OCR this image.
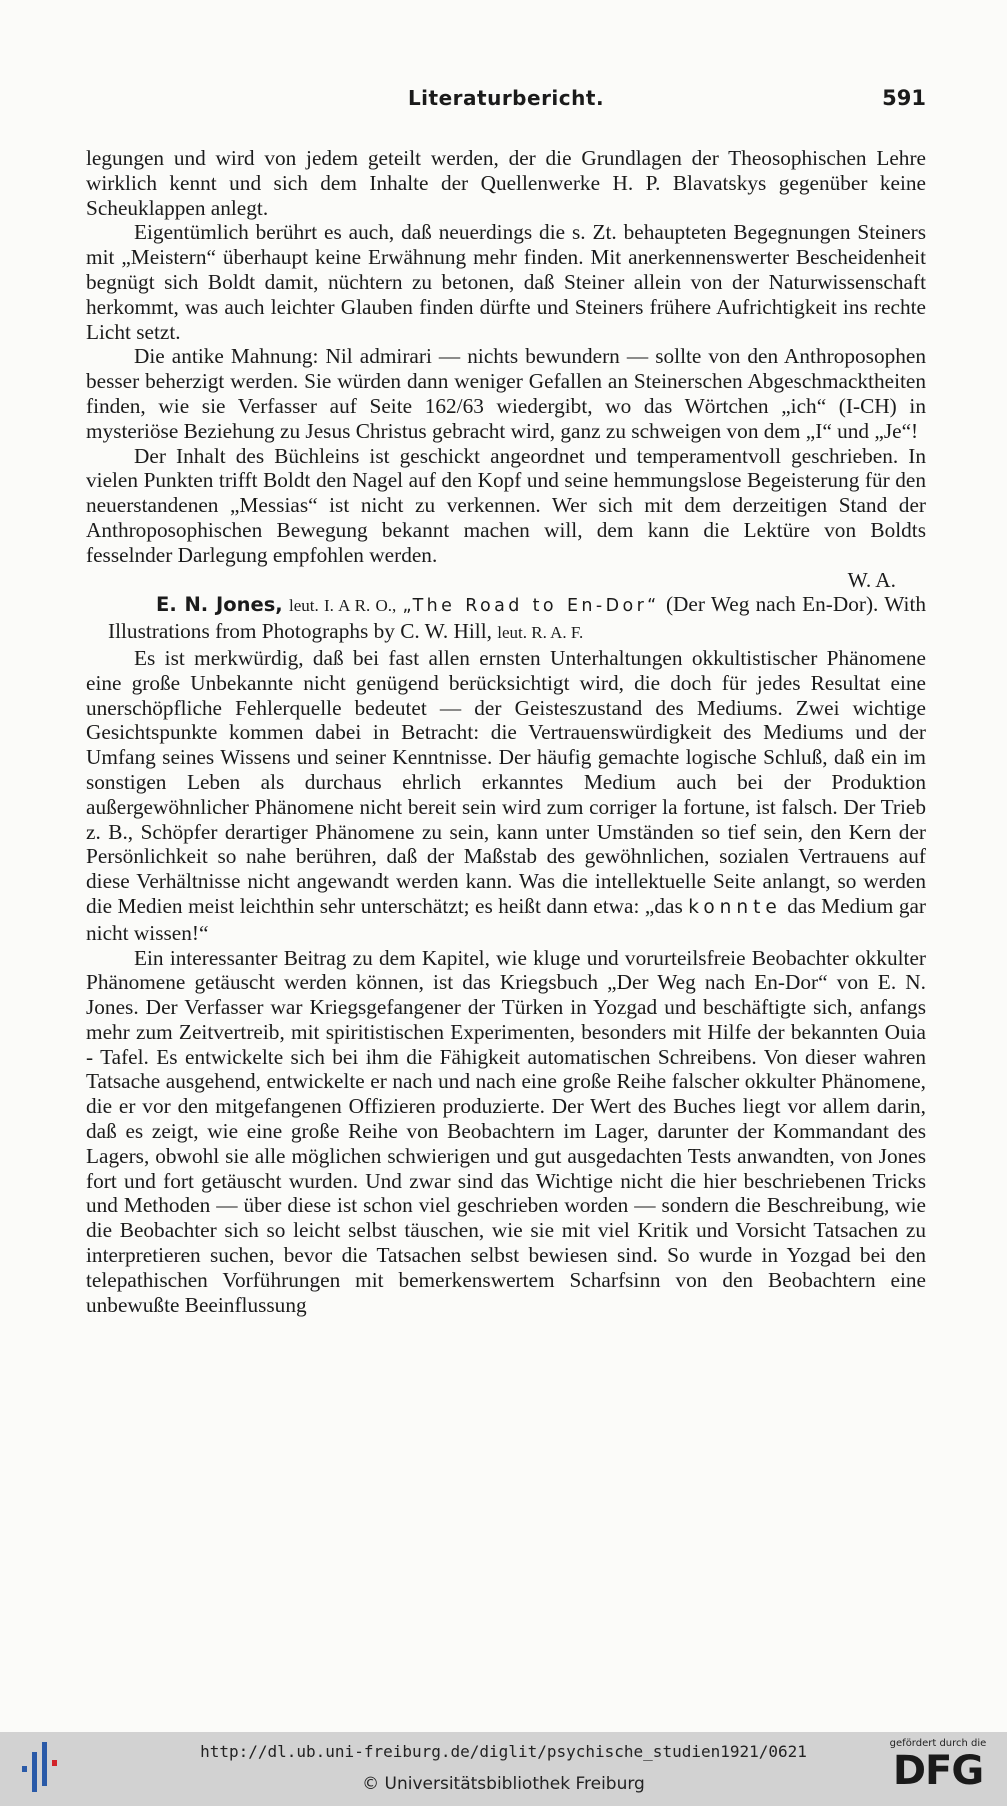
Literaturbericht.	591

legungen und wird von jedem geteilt werden, der die Grundlagen der Theosophischen Lehre wirklich kennt und sich dem Inhalte der Quellenwerke H. P. Blavatskys gegenüber keine Scheuklappen anlegt.

Eigentümlich berührt es auch, daß neuerdings die s. Zt. behaupteten Begegnungen Steiners mit „Meistern“ überhaupt keine Erwähnung mehr finden. Mit anerkennenswerter Bescheidenheit begnügt sich Boldt damit, nüchtern zu betonen, daß Steiner allein von der Naturwissenschaft herkommt, was auch leichter Glauben finden dürfte und Steiners frühere Aufrichtigkeit ins rechte Licht setzt.

Die antike Mahnung: Nil admirari — nichts bewundern — sollte von den Anthroposophen besser beherzigt werden. Sie würden dann weniger Gefallen an Steinerschen Abgeschmacktheiten finden, wie sie Verfasser auf Seite 162/63 wiedergibt, wo das Wörtchen „ich“ (I-CH) in mysteriöse Beziehung zu Jesus Christus gebracht wird, ganz zu schweigen von dem „I“ und „Je“!

Der Inhalt des Büchleins ist geschickt angeordnet und temperamentvoll geschrieben. In vielen Punkten trifft Boldt den Nagel auf den Kopf und seine hemmungslose Begeisterung für den neuerstandenen „Messias“ ist nicht zu verkennen. Wer sich mit dem derzeitigen Stand der Anthroposophischen Bewegung bekannt machen will, dem kann die Lektüre von Boldts fesselnder Darlegung empfohlen werden.

W. A.

E. N. Jones, leut. I. A R. O., „The Road to En-Dor“ (Der Weg nach En-Dor). With Illustrations from Photographs by C. W. Hill, leut. R. A. F.

Es ist merkwürdig, daß bei fast allen ernsten Unterhaltungen okkultistischer Phänomene eine große Unbekannte nicht genügend berücksichtigt wird, die doch für jedes Resultat eine unerschöpfliche Fehlerquelle bedeutet — der Geisteszustand des Mediums. Zwei wichtige Gesichtspunkte kommen dabei in Betracht: die Vertrauenswürdigkeit des Mediums und der Umfang seines Wissens und seiner Kenntnisse. Der häufig gemachte logische Schluß, daß ein im sonstigen Leben als durchaus ehrlich erkanntes Medium auch bei der Produktion außergewöhnlicher Phänomene nicht bereit sein wird zum corriger la fortune, ist falsch. Der Trieb z. B., Schöpfer derartiger Phänomene zu sein, kann unter Umständen so tief sein, den Kern der Persönlichkeit so nahe berühren, daß der Maßstab des gewöhnlichen, sozialen Vertrauens auf diese Verhältnisse nicht angewandt werden kann. Was die intellektuelle Seite anlangt, so werden die Medien meist leichthin sehr unterschätzt; es heißt dann etwa: „das konnte das Medium gar nicht wissen!“

Ein interessanter Beitrag zu dem Kapitel, wie kluge und vorurteilsfreie Beobachter okkulter Phänomene getäuscht werden können, ist das Kriegsbuch „Der Weg nach En-Dor“ von E. N. Jones. Der Verfasser war Kriegsgefangener der Türken in Yozgad und beschäftigte sich, anfangs mehr zum Zeitvertreib, mit spiritistischen Experimenten, besonders mit Hilfe der bekannten Ouia - Tafel. Es entwickelte sich bei ihm die Fähigkeit automatischen Schreibens. Von dieser wahren Tatsache ausgehend, entwickelte er nach und nach eine große Reihe falscher okkulter Phänomene, die er vor den mitgefangenen Offizieren produzierte. Der Wert des Buches liegt vor allem darin, daß es zeigt, wie eine große Reihe von Beobachtern im Lager, darunter der Kommandant des Lagers, obwohl sie alle möglichen schwierigen und gut ausgedachten Tests anwandten, von Jones fort und fort getäuscht wurden. Und zwar sind das Wichtige nicht die hier beschriebenen Tricks und Methoden — über diese ist schon viel geschrieben worden — sondern die Beschreibung, wie die Beobachter sich so leicht selbst täuschen, wie sie mit viel Kritik und Vorsicht Tatsachen zu interpretieren suchen, bevor die Tatsachen selbst bewiesen sind. So wurde in Yozgad bei den telepathischen Vorführungen mit bemerkenswertem Scharfsinn von den Beobachtern eine unbewußte Beeinflussung

http://dl.ub.uni-freiburg.de/diglit/psychische_studien1921/0621
© Universitätsbibliothek Freiburg
gefördert durch die
DFG
